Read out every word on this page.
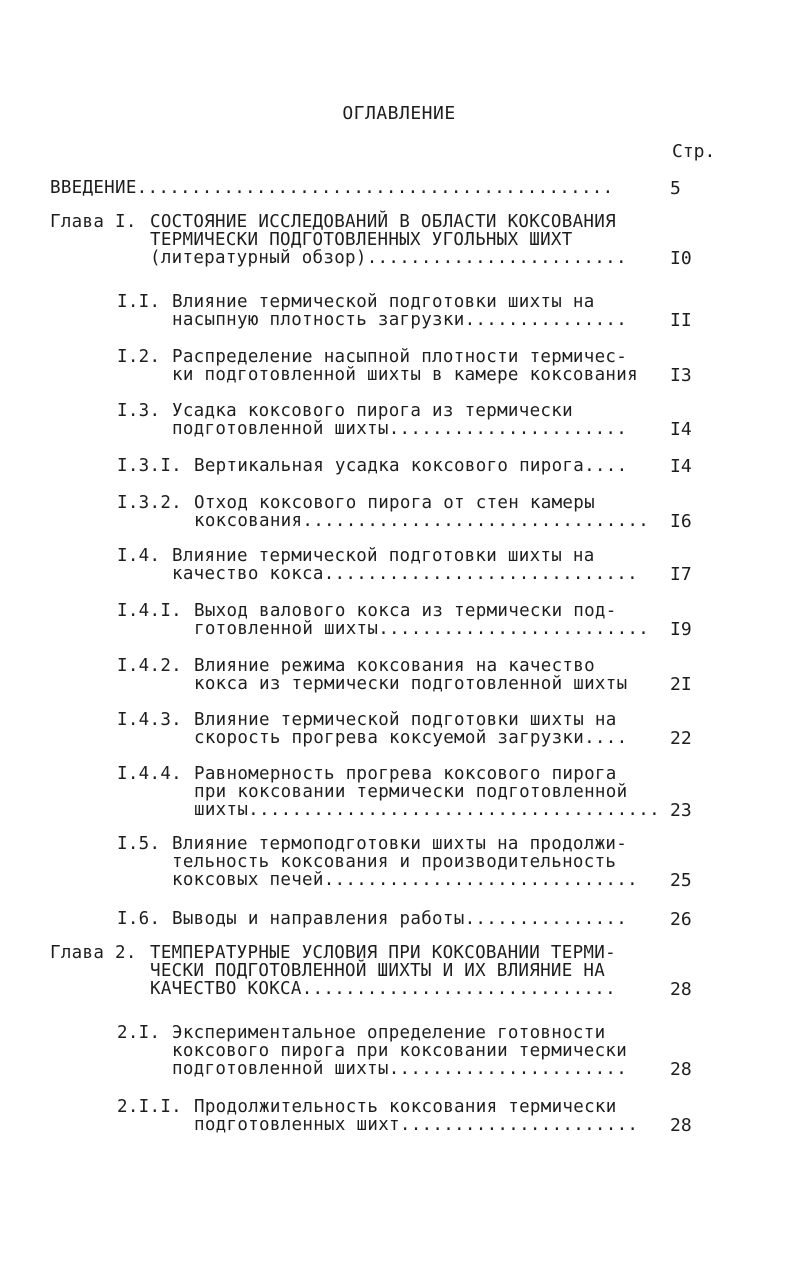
ОГЛАВЛЕНИЕ
Стр.
ВВЕДЕНИЕ............................................	5
Глава I. СОСТОЯНИЕ ИССЛЕДОВАНИЙ В ОБЛАСТИ КОКСОВАНИЯ
ТЕРМИЧЕСКИ ПОДГОТОВЛЕННЫХ УГОЛЬНЫХ ШИХТ
(литературный обзор)........................ I0
I.I. Влияние термической подготовки шихты на
насыпную плотность загрузки............... II
I.2. Распределение насыпной плотности термичес-
ки подготовленной шихты в камере коксования I3
I.3. Усадка коксового пирога из термически
подготовленной шихты...................... I4
I.3.I. Вертикальная усадка коксового пирога.... I4
I.3.2. Отход коксового пирога от стен камеры
коксования................................ I6
I.4. Влияние термической подготовки шихты на
качество кокса............................. I7
I.4.I. Выход валового кокса из термически под-
готовленной шихты......................... I9
I.4.2. Влияние режима коксования на качество
кокса из термически подготовленной шихты 2I
I.4.3. Влияние термической подготовки шихты на
скорость прогрева коксуемой загрузки.... 22
I.4.4. Равномерность прогрева коксового пирога
при коксовании термически подготовленной
шихты...................................... 23
I.5. Влияние термоподготовки шихты на продолжи-
тельность коксования и производительность
коксовых печей............................. 25
I.6. Выводы и направления работы............... 26
Глава 2. ТЕМПЕРАТУРНЫЕ УСЛОВИЯ ПРИ КОКСОВАНИИ ТЕРМИ-
ЧЕСКИ ПОДГОТОВЛЕННОЙ ШИХТЫ И ИХ ВЛИЯНИЕ НА
КАЧЕСТВО КОКСА.............................	28
2.I. Экспериментальное определение готовности
коксового пирога при коксовании термически
подготовленной шихты...................... 28
2.I.I. Продолжительность коксования термически
подготовленных шихт...................... 28
